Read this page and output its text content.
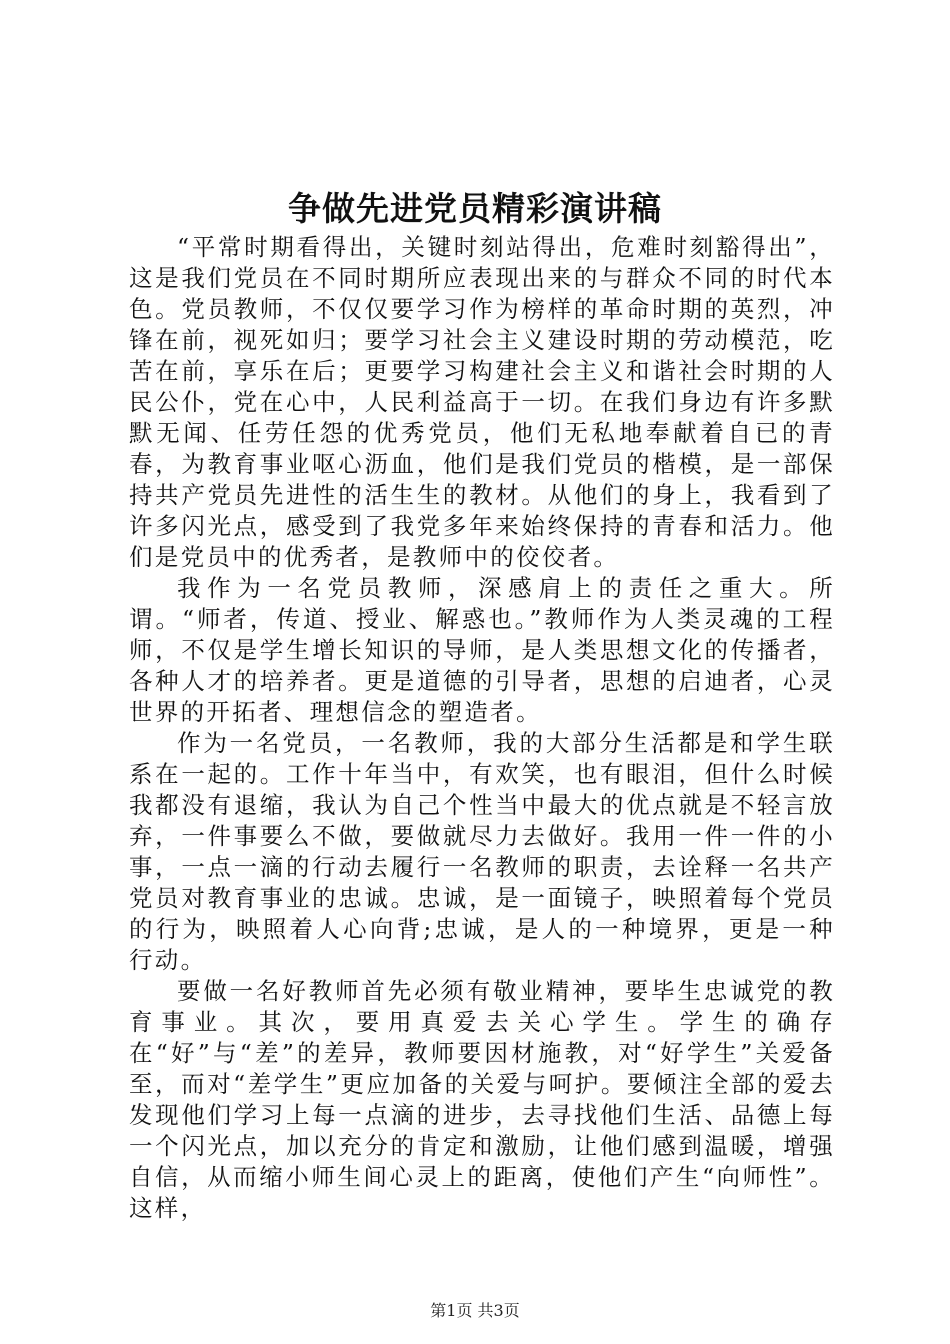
争做先进党员精彩演讲稿

“平常时期看得出，关键时刻站得出，危难时刻豁得出”，这是我们党员在不同时期所应表现出来的与群众不同的时代本色。党员教师，不仅仅要学习作为榜样的革命时期的英烈，冲锋在前，视死如归；要学习社会主义建设时期的劳动模范，吃苦在前，享乐在后；更要学习构建社会主义和谐社会时期的人民公仆，党在心中，人民利益高于一切。在我们身边有许多默默无闻、任劳任怨的优秀党员，他们无私地奉献着自已的青春，为教育事业呕心沥血，他们是我们党员的楷模，是一部保持共产党员先进性的活生生的教材。从他们的身上，我看到了许多闪光点，感受到了我党多年来始终保持的青春和活力。他们是党员中的优秀者，是教师中的佼佼者。

我作为一名党员教师，深感肩上的责任之重大。所谓。“师者，传道、授业、解惑也。”教师作为人类灵魂的工程师，不仅是学生增长知识的导师，是人类思想文化的传播者，各种人才的培养者。更是道德的引导者，思想的启迪者，心灵世界的开拓者、理想信念的塑造者。

作为一名党员，一名教师，我的大部分生活都是和学生联系在一起的。工作十年当中，有欢笑，也有眼泪，但什么时候我都没有退缩，我认为自己个性当中最大的优点就是不轻言放弃，一件事要么不做，要做就尽力去做好。我用一件一件的小事，一点一滴的行动去履行一名教师的职责，去诠释一名共产党员对教育事业的忠诚。忠诚，是一面镜子，映照着每个党员的行为，映照着人心向背;忠诚，是人的一种境界，更是一种行动。

要做一名好教师首先必须有敬业精神，要毕生忠诚党的教育事业。其次，要用真爱去关心学生。学生的确存在“好”与“差”的差异，教师要因材施教，对“好学生”关爱备至，而对“差学生”更应加备的关爱与呵护。要倾注全部的爱去发现他们学习上每一点滴的进步，去寻找他们生活、品德上每一个闪光点，加以充分的肯定和激励，让他们感到温暖，增强自信，从而缩小师生间心灵上的距离，使他们产生“向师性”。这样，

第1页 共3页
